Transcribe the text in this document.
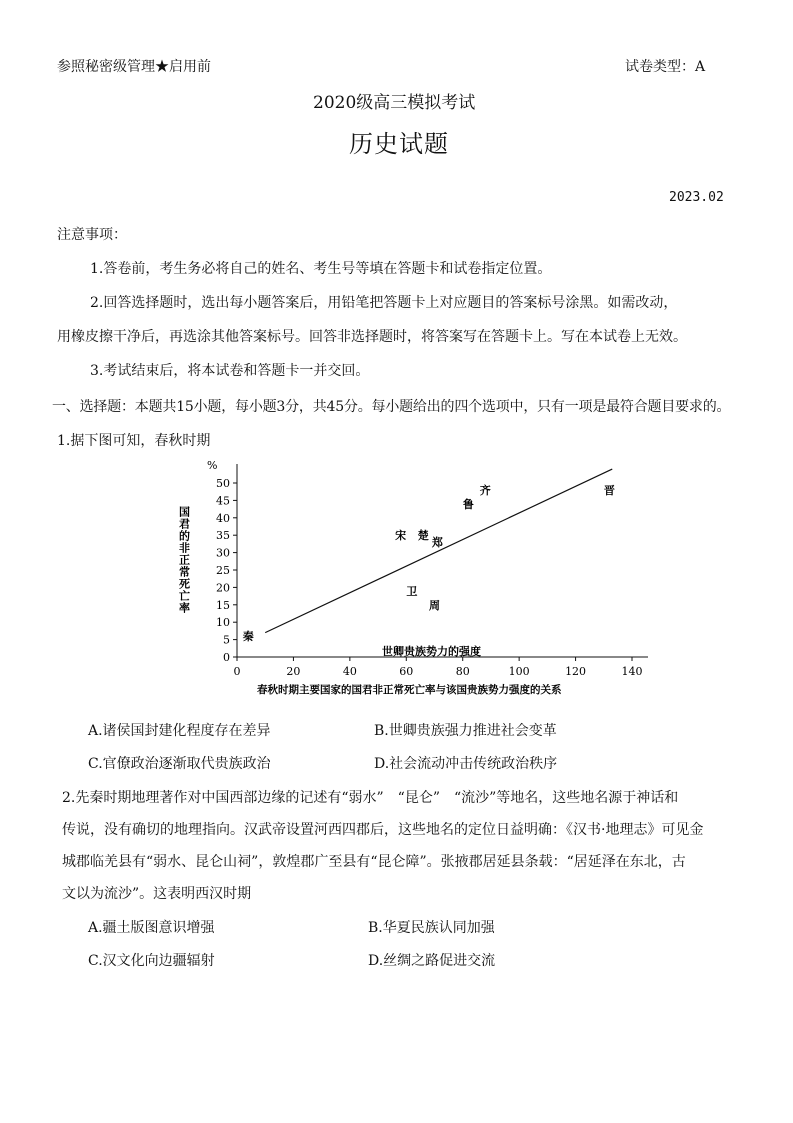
参照秘密级管理★启用前	试卷类型：A
2020级高三模拟考试
历史试题
2023.02
注意事项：
1.答卷前，考生务必将自己的姓名、考生号等填在答题卡和试卷指定位置。
2.回答选择题时，选出每小题答案后，用铅笔把答题卡上对应题目的答案标号涂黑。如需改动，
用橡皮擦干净后，再选涂其他答案标号。回答非选择题时，将答案写在答题卡上。写在本试卷上无效。
3.考试结束后，将本试卷和答题卡一并交回。
一、选择题：本题共15小题，每小题3分，共45分。每小题给出的四个选项中，只有一项是最符合题目要求的。
1.据下图可知，春秋时期
0
5
10
15
20
25
30
35
40
45
50
0	20	40	60	80	100	120	140
秦
卫
周
宋 楚
郑
鲁
齐	晋
%
国君的非正常死亡率
世卿贵族势力的强度
春秋时期主要国家的国君非正常死亡率与该国贵族势力强度的关系
A.诸侯国封建化程度存在差异	B.世卿贵族强力推进社会变革
C.官僚政治逐渐取代贵族政治	D.社会流动冲击传统政治秩序
2.先秦时期地理著作对中国西部边缘的记述有“弱水”　“昆仑”　“流沙”等地名，这些地名源于神话和
传说，没有确切的地理指向。汉武帝设置河西四郡后，这些地名的定位日益明确：《汉书·地理志》可见金
城郡临羌县有“弱水、昆仑山祠”，敦煌郡广至县有“昆仑障”。张掖郡居延县条载：“居延泽在东北，古
文以为流沙”。这表明西汉时期
A.疆土版图意识增强	B.华夏民族认同加强
C.汉文化向边疆辐射	D.丝绸之路促进交流
